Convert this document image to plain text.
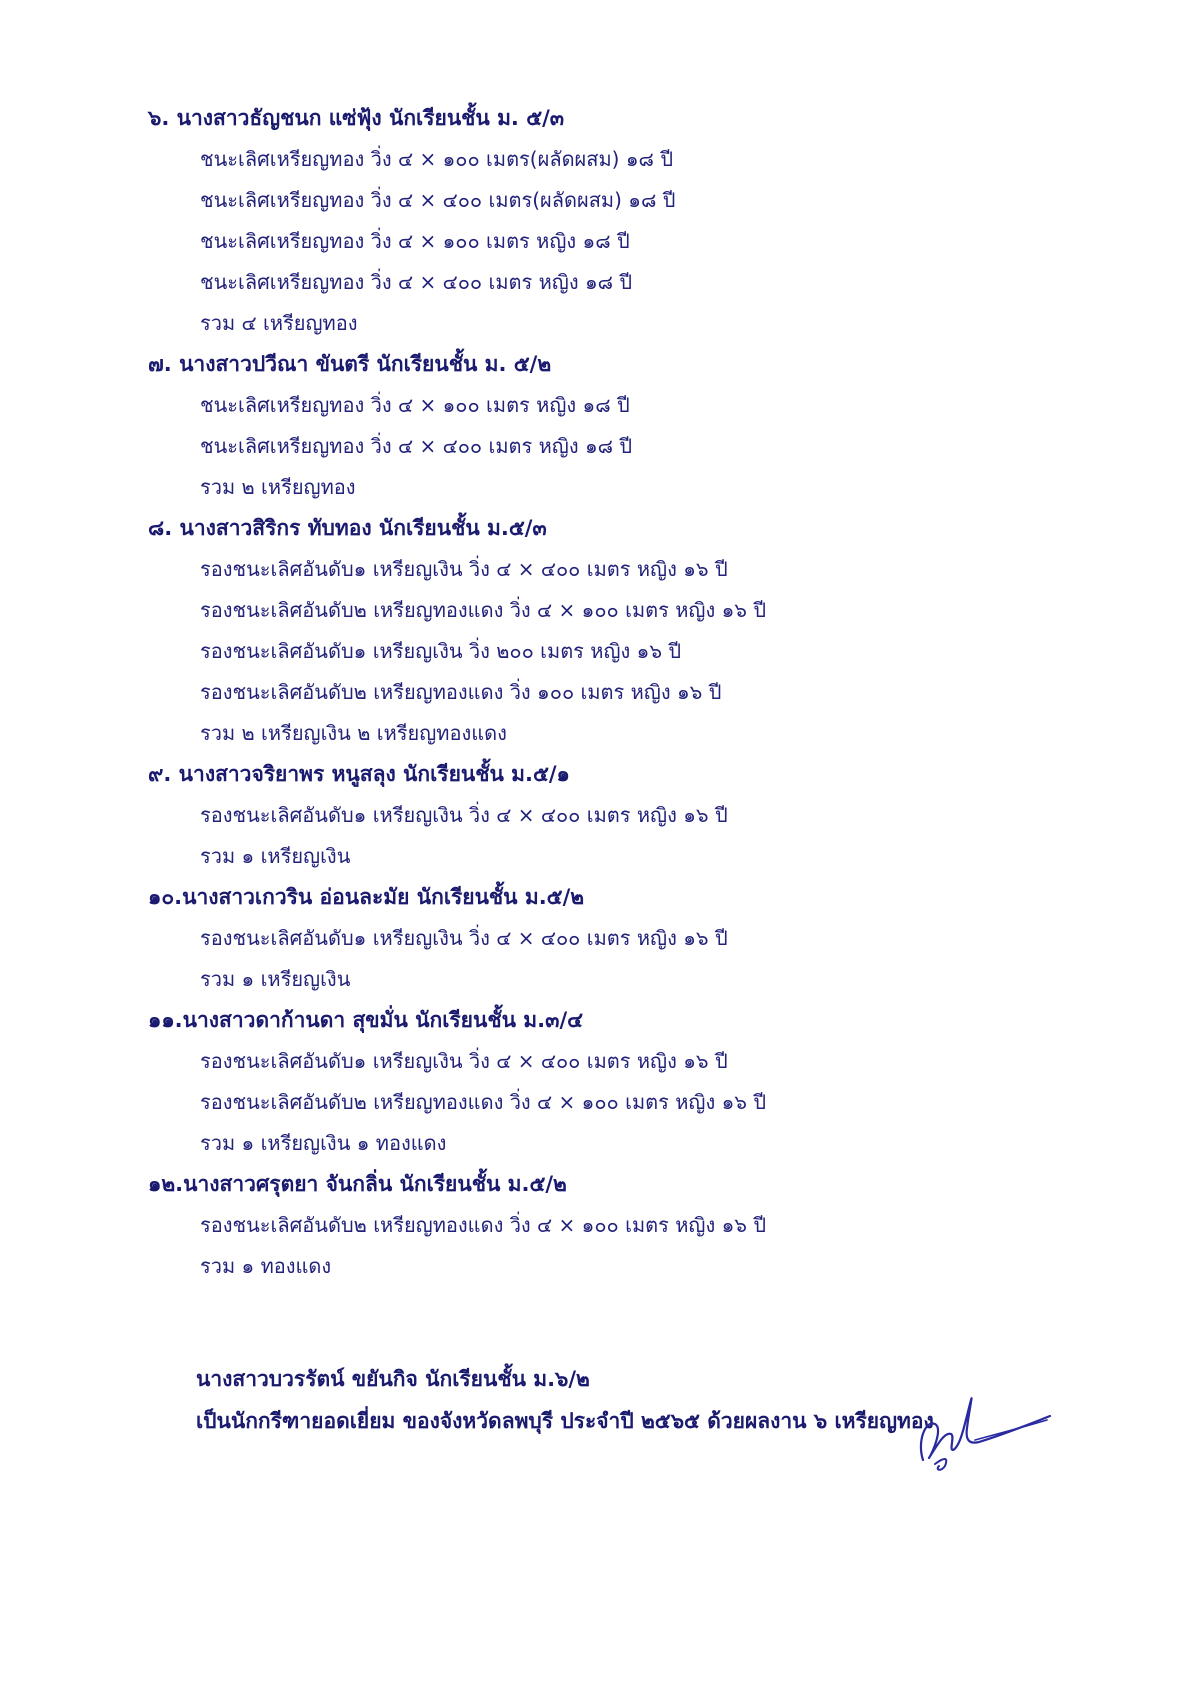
๖. นางสาวธัญชนก แซ่ฟุ้ง นักเรียนชั้น ม. ๕/๓
ชนะเลิศเหรียญทอง วิ่ง ๔ × ๑๐๐ เมตร(ผลัดผสม) ๑๘ ปี
ชนะเลิศเหรียญทอง วิ่ง ๔ × ๔๐๐ เมตร(ผลัดผสม) ๑๘ ปี
ชนะเลิศเหรียญทอง วิ่ง ๔ × ๑๐๐ เมตร หญิง ๑๘ ปี
ชนะเลิศเหรียญทอง วิ่ง ๔ × ๔๐๐ เมตร หญิง ๑๘ ปี
รวม ๔ เหรียญทอง
๗. นางสาวปวีณา ขันตรี นักเรียนชั้น ม. ๕/๒
ชนะเลิศเหรียญทอง วิ่ง ๔ × ๑๐๐ เมตร หญิง ๑๘ ปี
ชนะเลิศเหรียญทอง วิ่ง ๔ × ๔๐๐ เมตร หญิง ๑๘ ปี
รวม ๒ เหรียญทอง
๘. นางสาวสิริกร ทับทอง นักเรียนชั้น ม.๕/๓
รองชนะเลิศอันดับ๑ เหรียญเงิน วิ่ง ๔ × ๔๐๐ เมตร หญิง ๑๖ ปี
รองชนะเลิศอันดับ๒ เหรียญทองแดง วิ่ง ๔ × ๑๐๐ เมตร หญิง ๑๖ ปี
รองชนะเลิศอันดับ๑ เหรียญเงิน วิ่ง ๒๐๐ เมตร หญิง ๑๖ ปี
รองชนะเลิศอันดับ๒ เหรียญทองแดง วิ่ง ๑๐๐ เมตร หญิง ๑๖ ปี
รวม ๒ เหรียญเงิน ๒ เหรียญทองแดง
๙. นางสาวจริยาพร หนูสลุง นักเรียนชั้น ม.๕/๑
รองชนะเลิศอันดับ๑ เหรียญเงิน วิ่ง ๔ × ๔๐๐ เมตร หญิง ๑๖ ปี
รวม ๑ เหรียญเงิน
๑๐.นางสาวเกวริน อ่อนละมัย นักเรียนชั้น ม.๕/๒
รองชนะเลิศอันดับ๑ เหรียญเงิน วิ่ง ๔ × ๔๐๐ เมตร หญิง ๑๖ ปี
รวม ๑ เหรียญเงิน
๑๑.นางสาวดาก้านดา สุขมั่น นักเรียนชั้น ม.๓/๔
รองชนะเลิศอันดับ๑ เหรียญเงิน วิ่ง ๔ × ๔๐๐ เมตร หญิง ๑๖ ปี
รองชนะเลิศอันดับ๒ เหรียญทองแดง วิ่ง ๔ × ๑๐๐ เมตร หญิง ๑๖ ปี
รวม ๑ เหรียญเงิน ๑ ทองแดง
๑๒.นางสาวศรุตยา จันกลิ่น นักเรียนชั้น ม.๕/๒
รองชนะเลิศอันดับ๒ เหรียญทองแดง วิ่ง ๔ × ๑๐๐ เมตร หญิง ๑๖ ปี
รวม ๑ ทองแดง
นางสาวบวรรัตน์ ขยันกิจ นักเรียนชั้น ม.๖/๒
เป็นนักกรีฑายอดเยี่ยม ของจังหวัดลพบุรี ประจำปี ๒๕๖๕ ด้วยผลงาน ๖ เหรียญทอง
